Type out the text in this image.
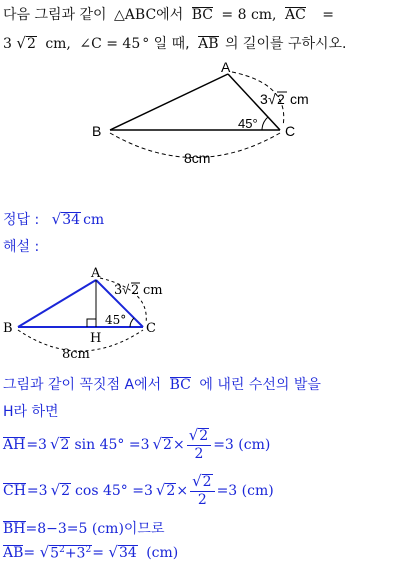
다음 그림과 같이 △ABC에서 BC = 8 cm, AC =
3 √ 2 cm, ∠C = 45 ° 일 때, AB 의 길이를 구하시오.
A
B	C
45°
3 √ 2 cm
8cm
정답 : √ 34 cm
해설 :
A
B	C
H
45°
3 √ 2 cm
8cm
그림과 같이 꼭짓점 A에서 BC 에 내린 수선의 발을
H라 하면
AH =3 √ 2 sin 45° =3 √ $2 \times \frac{√ 2}{2} =3$ (cm)
CH =3 √ 2 cos 45° =3 √ $2 \times \frac{√ 2}{2} =3$ (cm)
BH=8−3=5 (cm)이므로
AB= √ $5^2+3^2$ = √ 34 (cm)
